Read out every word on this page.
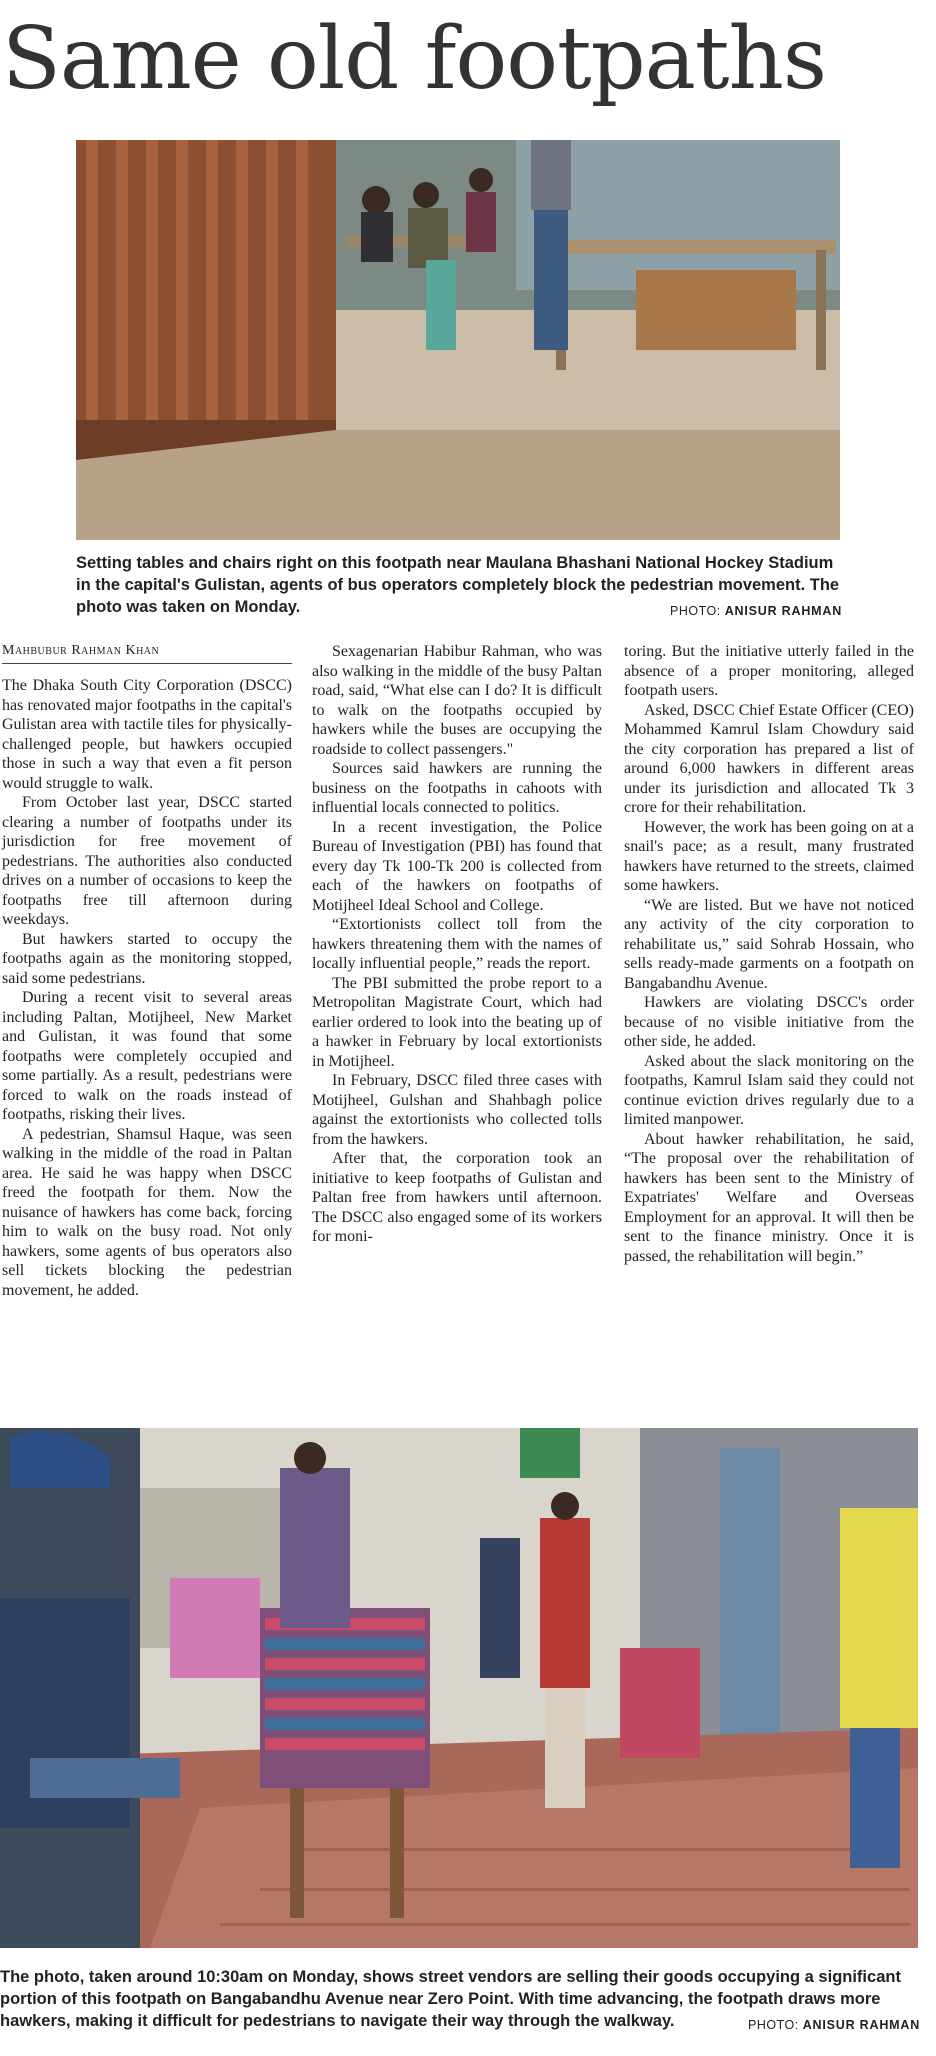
Same old footpaths
Setting tables and chairs right on this footpath near Maulana Bhashani National Hockey Stadium in the capital's Gulistan, agents of bus operators completely block the pedestrian movement. The photo was taken on Monday.	PHOTO: ANISUR RAHMAN
Mahbubur Rahman Khan

The Dhaka South City Corporation (DSCC) has renovated major footpaths in the capital's Gulistan area with tactile tiles for physically-challenged people, but hawkers occupied those in such a way that even a fit person would struggle to walk.

From October last year, DSCC started clearing a number of footpaths under its jurisdiction for free movement of pedestrians. The authorities also conducted drives on a number of occasions to keep the footpaths free till afternoon during weekdays.

But hawkers started to occupy the footpaths again as the monitoring stopped, said some pedestrians.

During a recent visit to several areas including Paltan, Motijheel, New Market and Gulistan, it was found that some footpaths were completely occupied and some partially. As a result, pedestrians were forced to walk on the roads instead of footpaths, risking their lives.

A pedestrian, Shamsul Haque, was seen walking in the middle of the road in Paltan area. He said he was happy when DSCC freed the footpath for them. Now the nuisance of hawkers has come back, forcing him to walk on the busy road. Not only hawkers, some agents of bus operators also sell tickets blocking the pedestrian movement, he added.

Sexagenarian Habibur Rahman, who was also walking in the middle of the busy Paltan road, said, “What else can I do? It is difficult to walk on the footpaths occupied by hawkers while the buses are occupying the roadside to collect passengers."

Sources said hawkers are running the business on the footpaths in cahoots with influential locals connected to politics.

In a recent investigation, the Police Bureau of Investigation (PBI) has found that every day Tk 100-Tk 200 is collected from each of the hawkers on footpaths of Motijheel Ideal School and College.

“Extortionists collect toll from the hawkers threatening them with the names of locally influential people,” reads the report.

The PBI submitted the probe report to a Metropolitan Magistrate Court, which had earlier ordered to look into the beating up of a hawker in February by local extortionists in Motijheel.

In February, DSCC filed three cases with Motijheel, Gulshan and Shahbagh police against the extortionists who collected tolls from the hawkers.

After that, the corporation took an initiative to keep footpaths of Gulistan and Paltan free from hawkers until afternoon. The DSCC also engaged some of its workers for moni-

toring. But the initiative utterly failed in the absence of a proper monitoring, alleged footpath users.

Asked, DSCC Chief Estate Officer (CEO) Mohammed Kamrul Islam Chowdury said the city corporation has prepared a list of around 6,000 hawkers in different areas under its jurisdiction and allocated Tk 3 crore for their rehabilitation.

However, the work has been going on at a snail's pace; as a result, many frustrated hawkers have returned to the streets, claimed some hawkers.

“We are listed. But we have not noticed any activity of the city corporation to rehabilitate us,” said Sohrab Hossain, who sells ready-made garments on a footpath on Bangabandhu Avenue.

Hawkers are violating DSCC's order because of no visible initiative from the other side, he added.

Asked about the slack monitoring on the footpaths, Kamrul Islam said they could not continue eviction drives regularly due to a limited manpower.

About hawker rehabilitation, he said, “The proposal over the rehabilitation of hawkers has been sent to the Ministry of Expatriates' Welfare and Overseas Employment for an approval. It will then be sent to the finance ministry. Once it is passed, the rehabilitation will begin.”

The photo, taken around 10:30am on Monday, shows street vendors are selling their goods occupying a significant portion of this footpath on Bangabandhu Avenue near Zero Point. With time advancing, the footpath draws more hawkers, making it difficult for pedestrians to navigate their way through the walkway.	PHOTO: ANISUR RAHMAN
